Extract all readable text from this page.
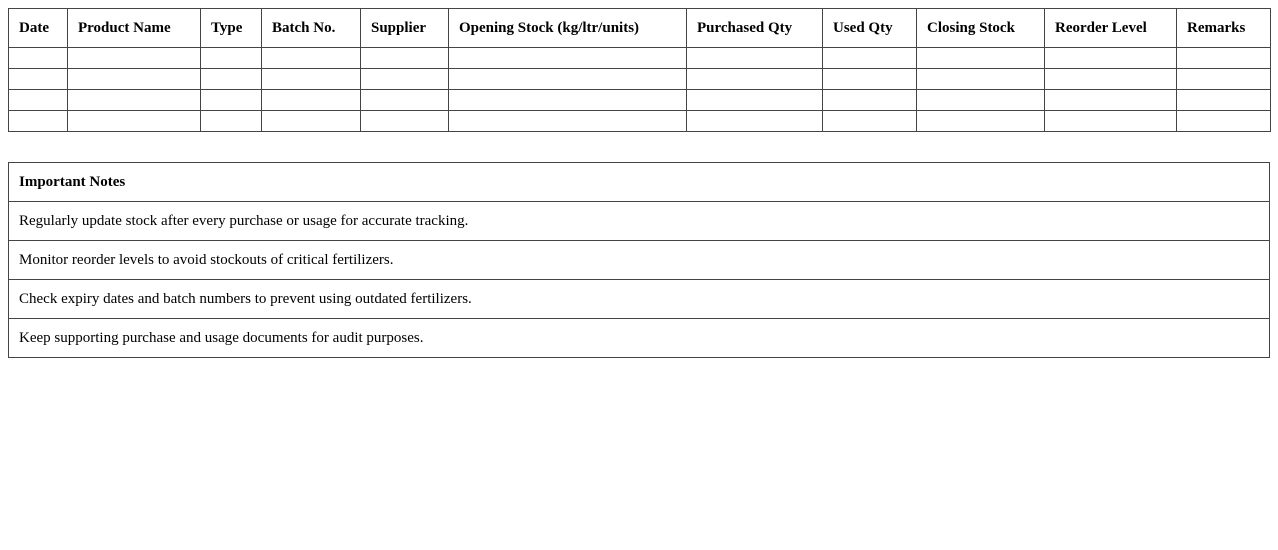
Date	Product Name	Type	Batch No.	Supplier	Opening Stock (kg/ltr/units)	Purchased Qty	Used Qty	Closing Stock	Reorder Level	Remarks

Important Notes
Regularly update stock after every purchase or usage for accurate tracking.
Monitor reorder levels to avoid stockouts of critical fertilizers.
Check expiry dates and batch numbers to prevent using outdated fertilizers.
Keep supporting purchase and usage documents for audit purposes.
